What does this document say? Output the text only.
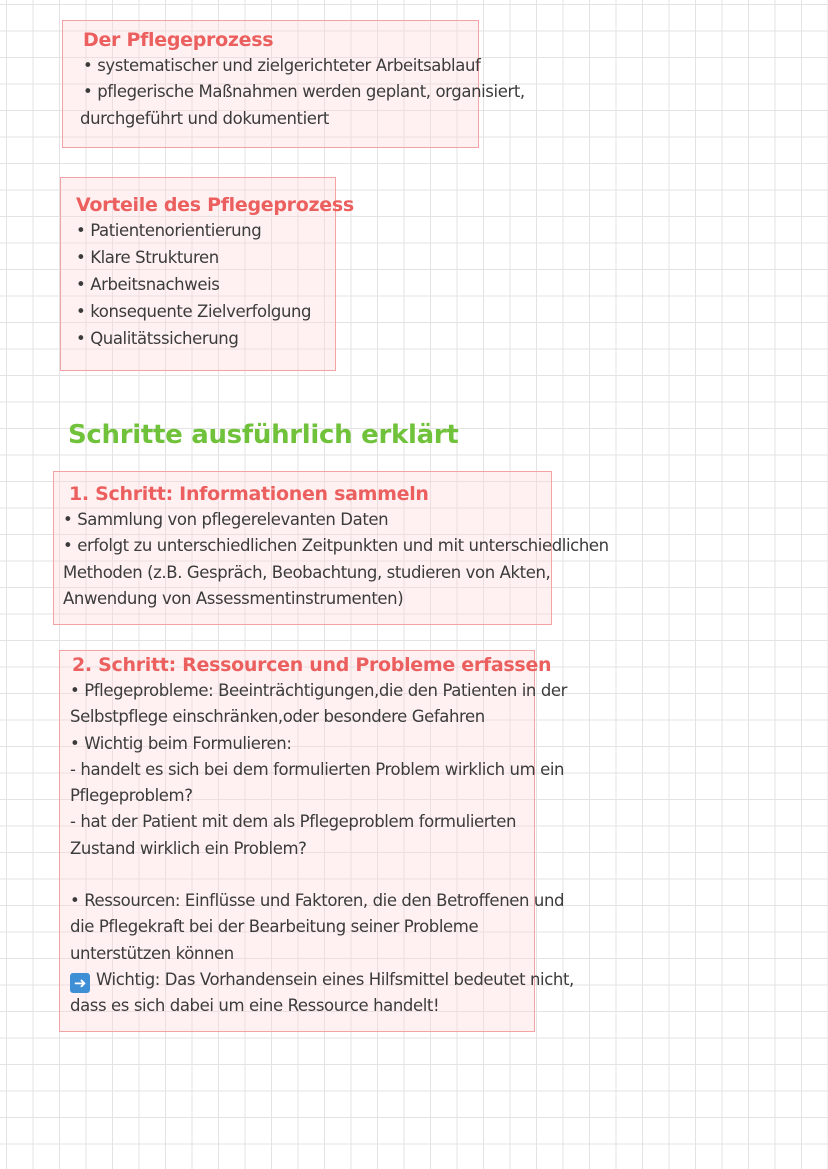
Der Pflegeprozess
• systematischer und zielgerichteter Arbeitsablauf
• pflegerische Maßnahmen werden geplant, organisiert,
durchgeführt und dokumentiert
Vorteile des Pflegeprozess
• Patientenorientierung
• Klare Strukturen
• Arbeitsnachweis
• konsequente Zielverfolgung
• Qualitätssicherung
Schritte ausführlich erklärt
1. Schritt: Informationen sammeln
• Sammlung von pflegerelevanten Daten
• erfolgt zu unterschiedlichen Zeitpunkten und mit unterschiedlichen
Methoden (z.B. Gespräch, Beobachtung, studieren von Akten,
Anwendung von Assessmentinstrumenten)
2. Schritt: Ressourcen und Probleme erfassen
• Pflegeprobleme: Beeinträchtigungen,die den Patienten in der
Selbstpflege einschränken,oder besondere Gefahren
• Wichtig beim Formulieren:
- handelt es sich bei dem formulierten Problem wirklich um ein
Pflegeproblem?
- hat der Patient mit dem als Pflegeproblem formulierten
Zustand wirklich ein Problem?
• Ressourcen: Einflüsse und Faktoren, die den Betroffenen und
die Pflegekraft bei der Bearbeitung seiner Probleme
unterstützen können
➜ Wichtig: Das Vorhandensein eines Hilfsmittel bedeutet nicht,
dass es sich dabei um eine Ressource handelt!
